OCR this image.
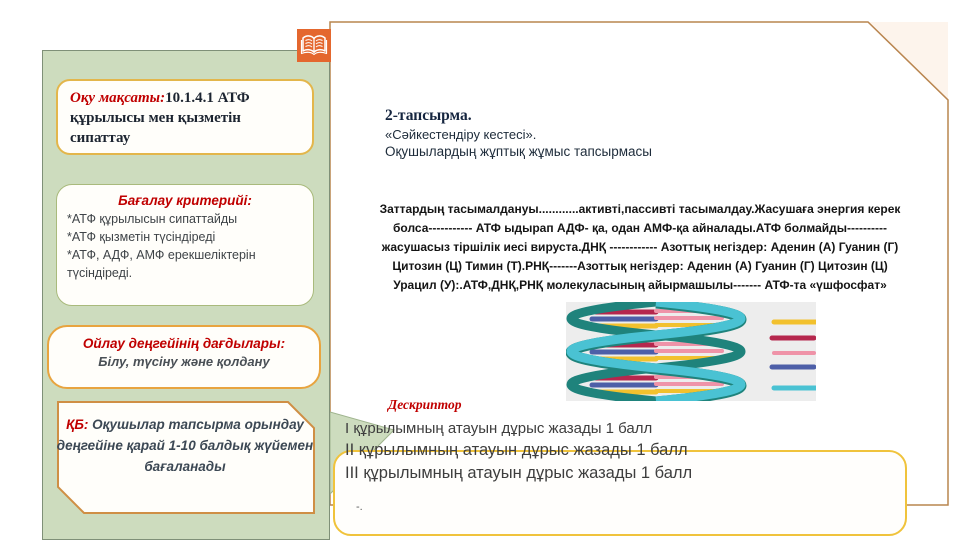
Оқу мақсаты:10.1.4.1 АТФ құрылысы мен қызметін сипаттау
Бағалау критерийі:
*АТФ құрылысын сипаттайды
*АТФ қызметін түсіндіреді
*АТФ, АДФ, АМФ ерекшеліктерін түсіндіреді.
Ойлау деңгейінің дағдылары:
Білу, түсіну және қолдану
ҚБ: Оқушылар тапсырма орындау деңгейіне қарай 1-10 балдық жүйемен бағаланады
-.
2-тапсырма.
«Сәйкестендіру кестесі».
Оқушылардың жұптық жұмыс тапсырмасы
Заттардың тасымалдануы............активті,пассивті тасымалдау.Жасушаға энергия керек
болса----------- АТФ ыдырап АДФ- қа, одан АМФ-қа айналады.АТФ болмайды----------
жасушасыз тіршілік иесі вируста.ДНҚ ------------ Азоттық негіздер: Аденин (А) Гуанин (Г)
Цитозин (Ц) Тимин (Т).РНҚ-------Азоттық негіздер: Аденин (А) Гуанин (Г) Цитозин (Ц)
Урацил (У):.АТФ,ДНҚ,РНҚ молекуласының айырмашылы------- АТФ-та «үшфосфат»
Дескриптор
I құрылымның атауын дұрыс жазады 1 балл
II құрылымның атауын дұрыс жазады 1 балл
III құрылымның атауын дұрыс жазады 1 балл
